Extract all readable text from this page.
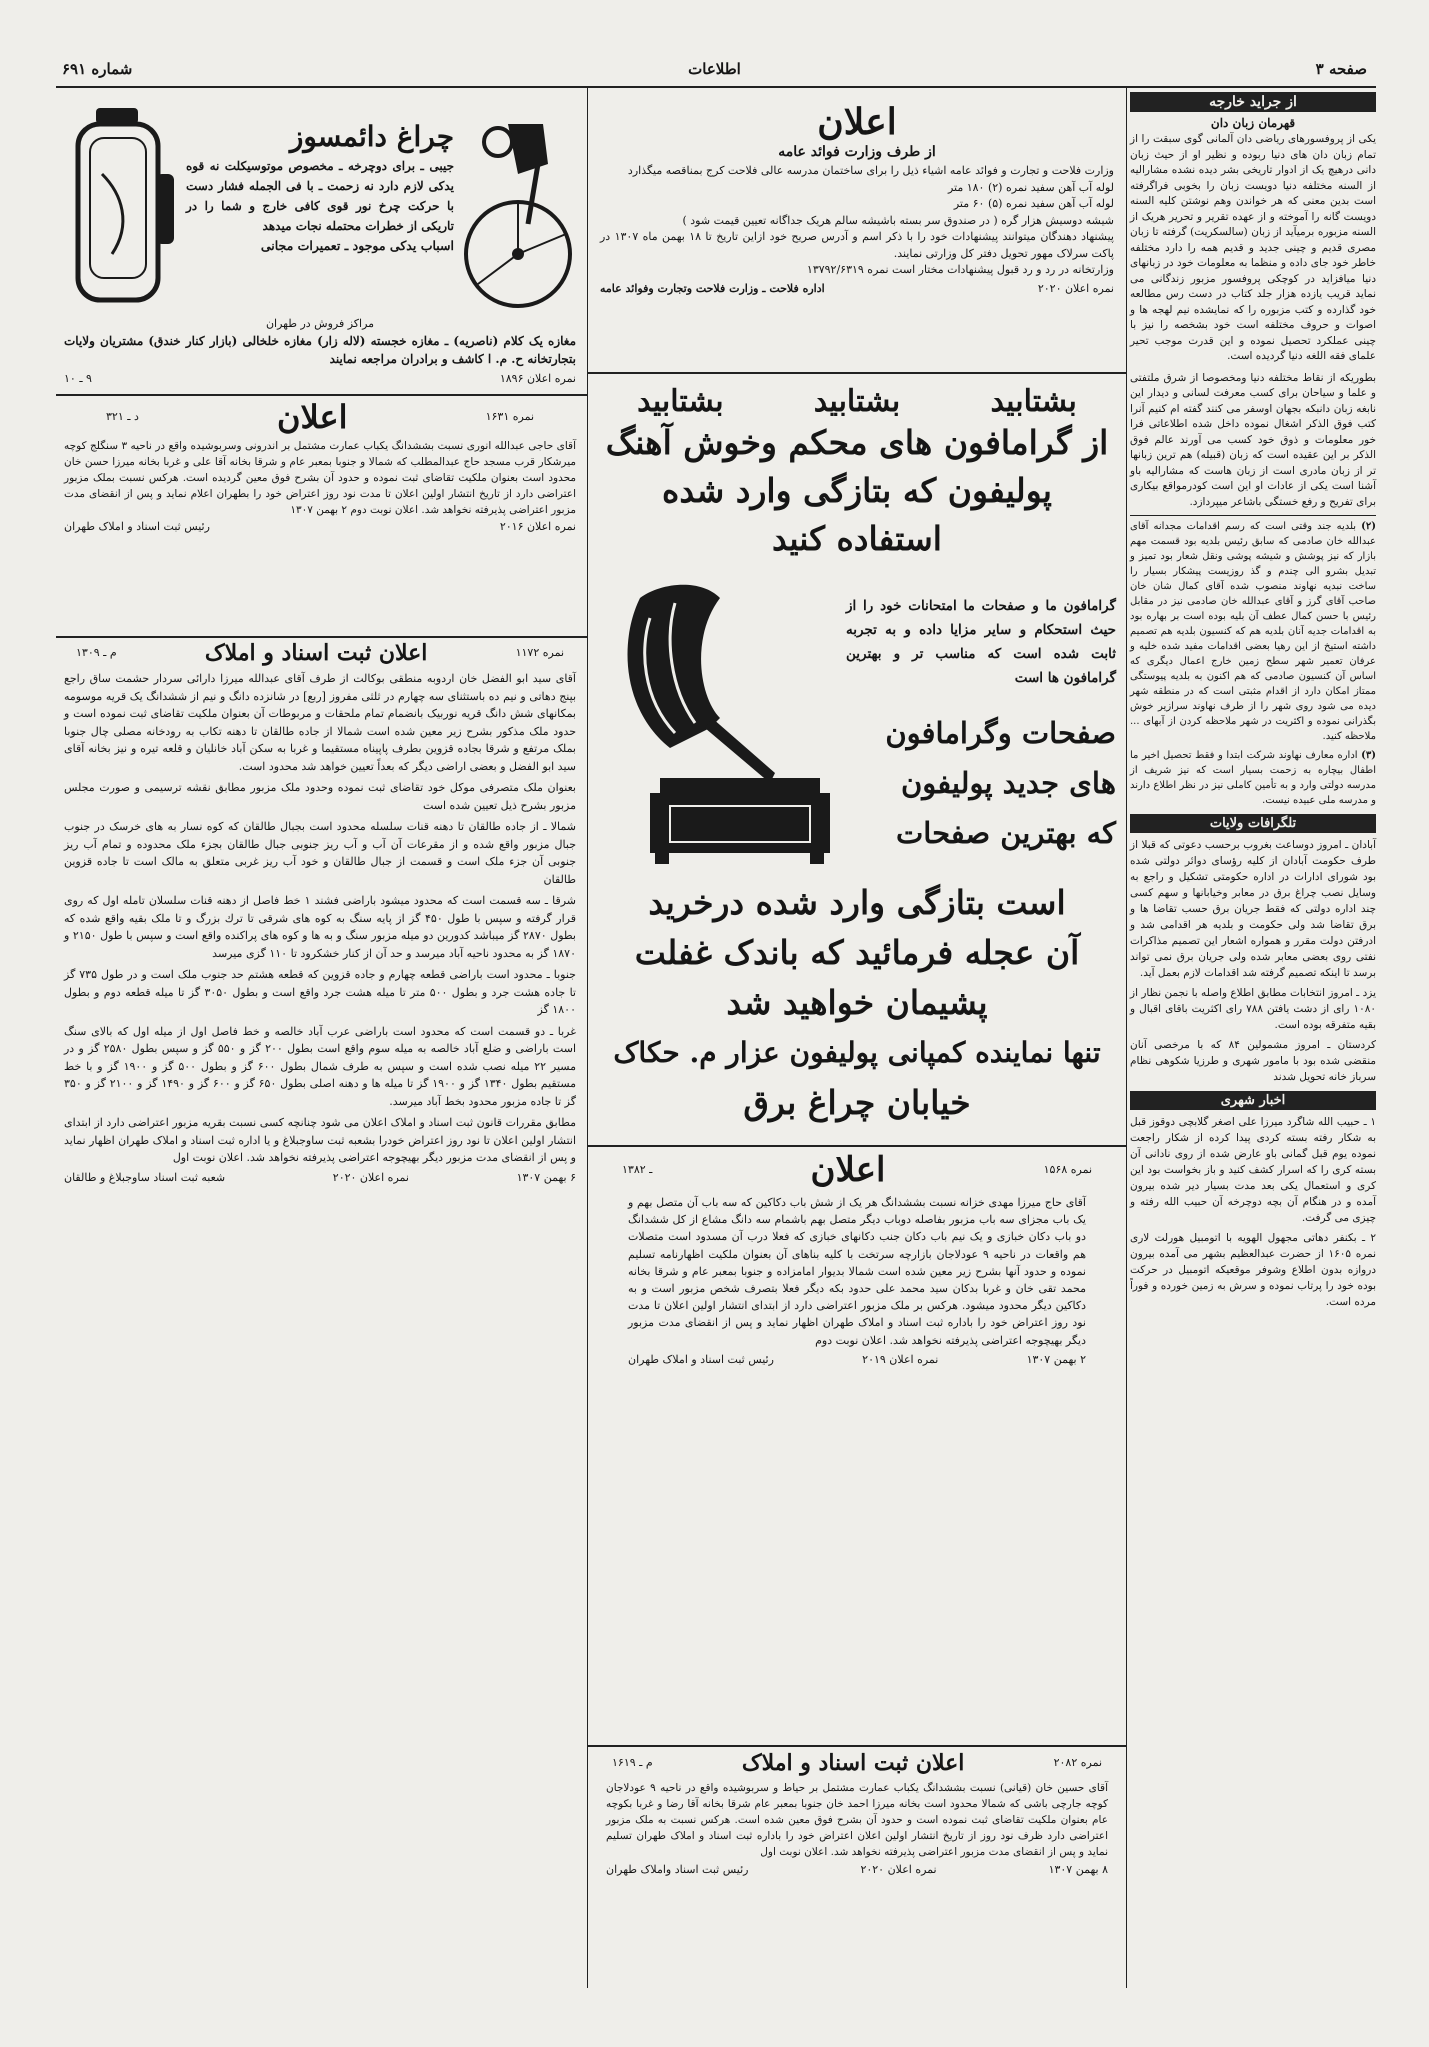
صفحه ۳
اطلاعات
شماره ۶۹۱
از جراید خارجه
قهرمان زبان دان
یکی از پروفسورهای ریاضی دان آلمانی گوی سبقت را از تمام زبان دان های دنیا ربوده و نظیر او از حیث زبان دانی درهیچ یک از ادوار تاریخی بشر دیده نشده مشارالیه از السنه مختلفه دنیا دویست زبان را بخوبی فراگرفته است بدین معنی که هر خواندن وهم نوشتن کلیه السنه دویست گانه را آموخته و از عهده تقریر و تحریر هریک از السنه مزبوره برمیآید از زبان (سالسکریت) گرفته تا زبان مصری قدیم و چینی جدید و قدیم همه را دارد مختلفه خاطر خود جای داده و منظما به معلومات خود در زبانهای دنیا میافزاید در کوچکی پروفسور مزبور زندگانی می نماید قریب یازده هزار جلد کتاب در دست رس مطالعه خود گذارده و کتب مزبوره را که نمایشده نیم لهجه ها و اصوات و حروف مختلفه است خود بشخصه را نیز با چینی عملکرد تحصیل نموده و این قدرت موجب تحیر علمای فقه اللغه دنیا گردیده است.
بطوریکه از نقاط مختلفه دنیا ومخصوصا از شرق ملتفتی و علما و سیاحان برای کسب معرفت لسانی و دیدار این نابغه زبان دانبکه بجهان اوسفر می کنند گفته ام کنیم آنرا کتب فوق الذکر اشغال نموده داخل شده اطلاعاتی فرا خور معلومات و ذوق خود کسب می آورند عالم فوق الذکر بر این عقیده است که زبان (قبیله) هم ترین زبانها تر از زبان مادری است از زبان هاست که مشارالیه باو آشنا است یکی از عادات او این است کودرمواقع بیکاری برای تفریح و رفع خستگی باشاعر میپردازد.
(۲) بلدیه جند وقتی است که رسم اقدامات مجدانه آقای عبدالله خان صادمی که سابق رئیس بلدیه بود قسمت مهم بازار که نیز پوشش و شیشه پوشی ونقل شعار بود تمیز و تبدیل بشرو الی چندم و گذ روزیست پیشکار بسیار را ساخت نبدیه نهاوند منصوب شده آقای کمال شان خان صاحب آقای گرز و آقای عبدالله خان صادمی نیز در مقابل رئیس با حسن کمال عطف آن بلیه بوده است بر بهاره بود به اقدامات جدیه آنان بلدیه هم که کنسیون بلدیه هم تصمیم داشته استیخ از این رهیا بعضی اقدامات مفید شده خلیه و عرفان تعمیر شهر سطح زمین خارج اعمال دیگری که اساس آن کنسیون صادمی که هم اکنون به بلدیه پیوستگی ممتاز امکان دارد از اقدام مثبتی است که در منطقه شهر دیده می شود روی شهر را از طرف نهاوند سرازیر خوش بگذرانی نموده و اکثریت در شهر ملاحظه کردن از آبهای ... ملاحظه کنید.
(۳) اداره معارف نهاوند شرکت ابتدا و فقط تحصیل اخیر ما اطفال بیچاره به زحمت بسیار است که نیز شریف از مدرسه دولتی وارد و به تأمین کاملی نیز در نظر اطلاع دارند و مدرسه ملی عبیده نیست.
تلگرافات ولایات
آبادان ـ امروز دوساعت بغروب برحسب دعوتی که قبلا از طرف حکومت آبادان از کلیه رؤسای دوائر دولتی شده بود شورای ادارات در اداره حکومتی تشکیل و راجع به وسایل نصب چراغ برق در معابر وخیابانها و سهم کسی چند اداره دولتی که فقط جریان برق حسب تقاضا ها و برق تقاضا شد ولی حکومت و بلدیه هر اقدامی شد و ادرفتن دولت مقرر و همواره اشعار این تصمیم مذاکرات نفتی روی بعضی معابر شده ولی جریان برق نمی تواند برسد تا اینکه تصمیم گرفته شد اقدامات لازم بعمل آید.
یزد ـ امروز انتخابات مطابق اطلاع واصله با نجمن نظار از ۱۰۸۰ رای از دشت یافتن ۷۸۸ رای اکثریت باقای اقبال و بقیه متفرقه بوده است.
کردستان ـ امروز مشمولین ۸۴ که با مرخصی آنان منقضی شده بود با مامور شهری و طرزیا شکوهی نظام سرباز خانه تحویل شدند
اخبار شهری
۱ ـ حبیب الله شاگرد میرزا علی اصغر گلابچی دوقوز قبل به شکار رفته بسته کردی پیدا کرده از شکار راجعت نموده یوم قبل گمانی باو عارض شده از روی نادانی آن بسته کری را که اسرار کشف کنید و باز بخواست بود این کری و استعمال یکی بعد مدت بسیار دیر شده بیرون آمده و در هنگام آن بچه دوچرخه آن حبیب الله رفته و چیزی می گرفت.
۲ ـ بکنفر دهاتی مجهول الهویه با اتومبیل هورلت لاری نمره ۱۶۰۵ از حضرت عبدالعظیم بشهر می آمده بیرون دروازه بدون اطلاع وشوفر موقعیکه اتومبیل در حرکت بوده خود را پرتاب نموده و سرش به زمین خورده و فوراً مرده است.
اعلان
از طرف وزارت فوائد عامه
وزارت فلاحت و تجارت و فوائد عامه اشیاء ذیل را برای ساختمان مدرسه عالی فلاحت کرج بمناقصه میگذارد
لوله آب آهن سفید نمره (۲) ۱۸۰ متر
لوله آب آهن سفید نمره (۵) ۶۰ متر
شیشه دوسیش هزار گره ( در صندوق سر بسته باشیشه سالم هریک جداگانه تعیین قیمت شود )
پیشنهاد دهندگان میتوانند پیشنهادات خود را با ذکر اسم و آدرس صریح خود ازاین تاریخ تا ۱۸ بهمن ماه ۱۳۰۷ در پاکت سرلاک مهور تحویل دفتر کل وزارتی نمایند.
وزارتخانه در رد و رد قبول پیشنهادات مختار است نمره ۱۳۷۹۲/۶۳۱۹
نمره اعلان ۲۰۲۰
اداره فلاحت ـ وزارت فلاحت وتجارت وفوائد عامه
بشتابید
بشتابید
بشتابید
از گرامافون های محکم وخوش آهنگ
پولیفون که بتازگی وارد شده
استفاده کنید
گرامافون ما و صفحات ما امتحانات خود را از حیث استحکام و سایر مزایا داده و به تجربه ثابت شده است که مناسب تر و بهترین گرامافون ها است
صفحات وگرامافون
های جدید پولیفون
که بهترین صفحات
است بتازگی وارد شده درخرید
آن عجله فرمائید که باندک غفلت
پشیمان خواهید شد
تنها نماینده کمپانی پولیفون عزار م. حکاک
خیابان چراغ برق
نمره ۱۵۶۸
اعلان
ـ ۱۳۸۲
آقای حاج میرزا مهدی خزانه نسبت بششدانگ هر یک از شش باب دکاکین که سه باب آن متصل بهم و یک باب مجزای سه باب مزبور بفاصله دوباب دیگر متصل بهم باشمام سه دانگ مشاع از کل ششدانگ دو باب دکان خبازی و یک نیم باب دکان جنب دکانهای خبازی که فعلا درب آن مسدود است متصلات هم واقعات در ناحیه ۹ عودلاجان بازارچه سرتخت با کلیه بناهای آن بعنوان ملکیت اظهارنامه تسلیم نموده و حدود آنها بشرح زیر معین شده است شمالا بدیوار امامزاده و جنوبا بمعبر عام و شرقا بخانه محمد تقی خان و غربا بدکان سید محمد علی حدود بکه دیگر فعلا بتصرف شخص مزبور است و به دکاکین دیگر محدود میشود. هرکس بر ملک مزبور اعتراضی دارد از ابتدای انتشار اولین اعلان تا مدت نود روز اعتراض خود را باداره ثبت اسناد و املاک طهران اظهار نماید و پس از انقضای مدت مزبور دیگر بهیچوجه اعتراضی پذیرفته نخواهد شد. اعلان نوبت دوم
۲ بهمن ۱۳۰۷
نمره اعلان ۲۰۱۹
رئیس ثبت اسناد و املاک طهران
نمره ۲۰۸۲
اعلان ثبت اسناد و املاک
م ـ ۱۶۱۹
آقای حسین خان (قیانی) نسبت بششدانگ یکباب عمارت مشتمل بر حیاط و سربوشیده واقع در ناحیه ۹ عودلاجان کوچه جارچی باشی که شمالا محدود است بخانه میرزا احمد خان جنوبا بمعبر عام شرقا بخانه آقا رضا و غربا بکوچه عام بعنوان ملکیت تقاضای ثبت نموده است و حدود آن بشرح فوق معین شده است. هرکس نسبت به ملک مزبور اعتراضی دارد ظرف نود روز از تاریخ انتشار اولین اعلان اعتراض خود را باداره ثبت اسناد و املاک طهران تسلیم نماید و پس از انقضای مدت مزبور اعتراضی پذیرفته نخواهد شد. اعلان نوبت اول
۸ بهمن ۱۳۰۷
نمره اعلان ۲۰۲۰
رئیس ثبت اسناد واملاک طهران
چراغ دائمسوز
جیبی ـ برای دوچرخه ـ مخصوص موتوسیکلت نه قوه یدکی لازم دارد نه زحمت ـ با فی الجمله فشار دست با حرکت چرخ نور قوی کافی خارج و شما را در تاریکی از خطرات محتمله نجات میدهد
اسباب یدکی موجود ـ تعمیرات مجانی
مراکز فروش در طهران
مغازه یک کلام (ناصریه) ـ مغازه خجسته (لاله زار) مغازه خلخالی (بازار کنار خندق) مشتریان ولایات بتجارتخانه ح. م. ا کاشف و برادران مراجعه نمایند
نمره اعلان ۱۸۹۶
۹ ـ ۱۰
نمره ۱۶۳۱
اعلان
د ـ ۳۲۱
آقای حاجی عبدالله انوری نسبت بششدانگ یکباب عمارت مشتمل بر اندرونی وسربوشیده واقع در ناحیه ۳ سنگلج کوچه میرشکار قرب مسجد حاج عبدالمطلب که شمالا و جنوبا بمعبر عام و شرقا بخانه آقا علی و غربا بخانه میرزا حسن خان محدود است بعنوان ملکیت تقاضای ثبت نموده و حدود آن بشرح فوق معین گردیده است. هرکس نسبت بملک مزبور اعتراضی دارد از تاریخ انتشار اولین اعلان تا مدت نود روز اعتراض خود را بطهران اعلام نماید و پس از انقضای مدت مزبور اعتراضی پذیرفته نخواهد شد. اعلان نوبت دوم ۲ بهمن ۱۳۰۷
نمره اعلان ۲۰۱۶
رئیس ثبت اسناد و املاک طهران
نمره ۱۱۷۲
اعلان ثبت اسناد و املاک
م ـ ۱۳۰۹
آقای سید ابو الفضل خان اردوبه منطقی بوکالت از طرف آقای عبدالله میرزا دارائی سردار حشمت ساق راجع بپنج دهاتی و نیم ده باستثنای سه چهارم در ثلثی مفروز [ربع] در شانزده دانگ و نیم از ششدانگ یک قریه موسومه بمکانهای شش دانگ قریه نوربیک بانضمام تمام ملحقات و مربوطات آن بعنوان ملکیت تقاضای ثبت نموده است و حدود ملک مذکور بشرح زیر معین شده است شمالا از جاده طالقان تا دهنه تکاب به رودخانه مصلی چال جنوبا بملک مرتفع و شرقا بجاده قزوین بطرف پاپیناه مستقیما و غربا به سکن آباد خانلیان و قلعه تیره و نیز بخانه آقای سید ابو الفضل و بعضی اراضی دیگر که بعداً تعیین خواهد شد محدود است.
بعنوان ملک متصرفی موکل خود تقاضای ثبت نموده وحدود ملک مزبور مطابق نقشه ترسیمی و صورت مجلس مزبور بشرح ذیل تعیین شده است
شمالا ـ از جاده طالقان تا دهنه قنات سلسله محدود است بجبال طالقان که کوه نسار به های خرسک در جنوب جبال مزبور واقع شده و از مقرعات آن آب و آب ریز جنوبی جبال طالقان بجزء ملک محدوده و تمام آب ریز جنوبی آن جزء ملک است و قسمت از جبال طالقان و خود آب ریز غربی متعلق به مالک است تا جاده قزوین طالقان
شرقا ـ سه قسمت است که محدود میشود باراضی فشند ۱ خط فاصل از دهنه قنات سلسلان تامله اول که روی قرار گرفته و سپس با طول ۴۵۰ گز از پایه سنگ به کوه های شرقی تا ترك بزرگ و تا ملک بقیه واقع شده که بطول ۲۸۷۰ گز میباشد کدورین دو میله مزبور سنگ و به ها و کوه های پراکنده واقع است و سپس با طول ۲۱۵۰ و ۱۸۷۰ گز به محدود ناحیه آباد میرسد و حد آن از کنار خشکرود تا ۱۱۰ گزی میرسد
جنوبا ـ محدود است باراضی قطعه چهارم و جاده قزوین که قطعه هشتم حد جنوب ملک است و در طول ۷۳۵ گز تا جاده هشت جرد و بطول ۵۰۰ متر تا میله هشت جرد واقع است و بطول ۳۰۵۰ گز تا میله قطعه دوم و بطول ۱۸۰۰ گز
غربا ـ دو قسمت است که محدود است باراضی عرب آباد خالصه و خط فاصل اول از میله اول که بالای سنگ است باراضی و ضلع آباد خالصه به میله سوم واقع است بطول ۲۰۰ گز و ۵۵۰ گز و سپس بطول ۲۵۸۰ گز و در مسیر ۲۲ میله نصب شده است و سپس به طرف شمال بطول ۶۰۰ گز و بطول ۵۰۰ گز و ۱۹۰۰ گز و با خط مستقیم بطول ۱۳۴۰ گز و ۱۹۰۰ گز تا میله ها و دهنه اصلی بطول ۶۵۰ گز و ۶۰۰ گز و ۱۴۹۰ گز و ۲۱۰۰ گز و ۳۵۰ گز تا جاده مزبور محدود بخط آباد میرسد.
مطابق مقررات قانون ثبت اسناد و املاک اعلان می شود چنانچه کسی نسبت بقریه مزبور اعتراضی دارد از ابتدای انتشار اولین اعلان تا نود روز اعتراض خودرا بشعبه ثبت ساوجبلاغ و یا اداره ثبت اسناد و املاک طهران اظهار نماید و پس از انقضای مدت مزبور دیگر بهیچوجه اعتراضی پذیرفته نخواهد شد. اعلان نوبت اول
۶ بهمن ۱۳۰۷
نمره اعلان ۲۰۲۰
شعبه ثبت اسناد ساوجبلاغ و طالقان
